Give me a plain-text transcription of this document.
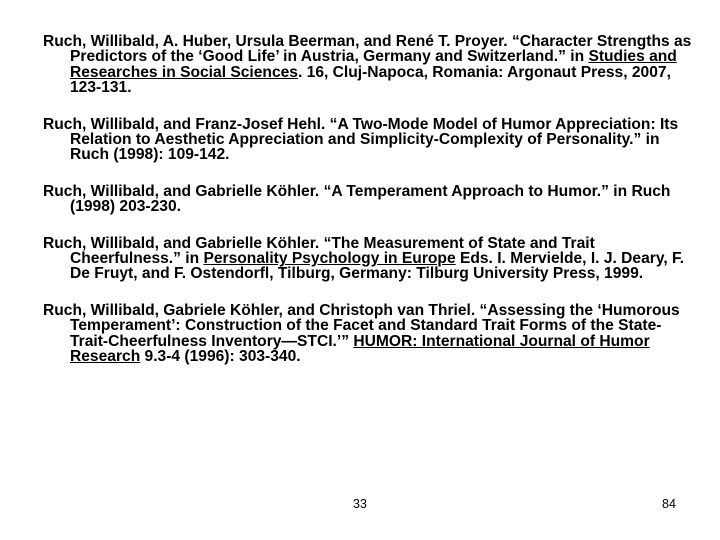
Ruch, Willibald, A. Huber, Ursula Beerman, and René T. Proyer. “Character Strengths as Predictors of the ‘Good Life’ in Austria, Germany and Switzerland.” in Studies and Researches in Social Sciences. 16, Cluj-Napoca, Romania: Argonaut Press, 2007, 123-131.

Ruch, Willibald, and Franz-Josef Hehl. “A Two-Mode Model of Humor Appreciation: Its Relation to Aesthetic Appreciation and Simplicity-Complexity of Personality.” in Ruch (1998): 109-142.

Ruch, Willibald, and Gabrielle Köhler. “A Temperament Approach to Humor.” in Ruch (1998) 203-230.

Ruch, Willibald, and Gabrielle Köhler. “The Measurement of State and Trait Cheerfulness.” in Personality Psychology in Europe Eds. I. Mervielde, I. J. Deary, F. De Fruyt, and F. Ostendorfl, Tilburg, Germany: Tilburg University Press, 1999.

Ruch, Willibald, Gabriele Köhler, and Christoph van Thriel. “Assessing the ‘Humorous Temperament’: Construction of the Facet and Standard Trait Forms of the State-Trait-Cheerfulness Inventory—STCI.’” HUMOR: International Journal of Humor Research 9.3-4 (1996): 303-340.

33	84
